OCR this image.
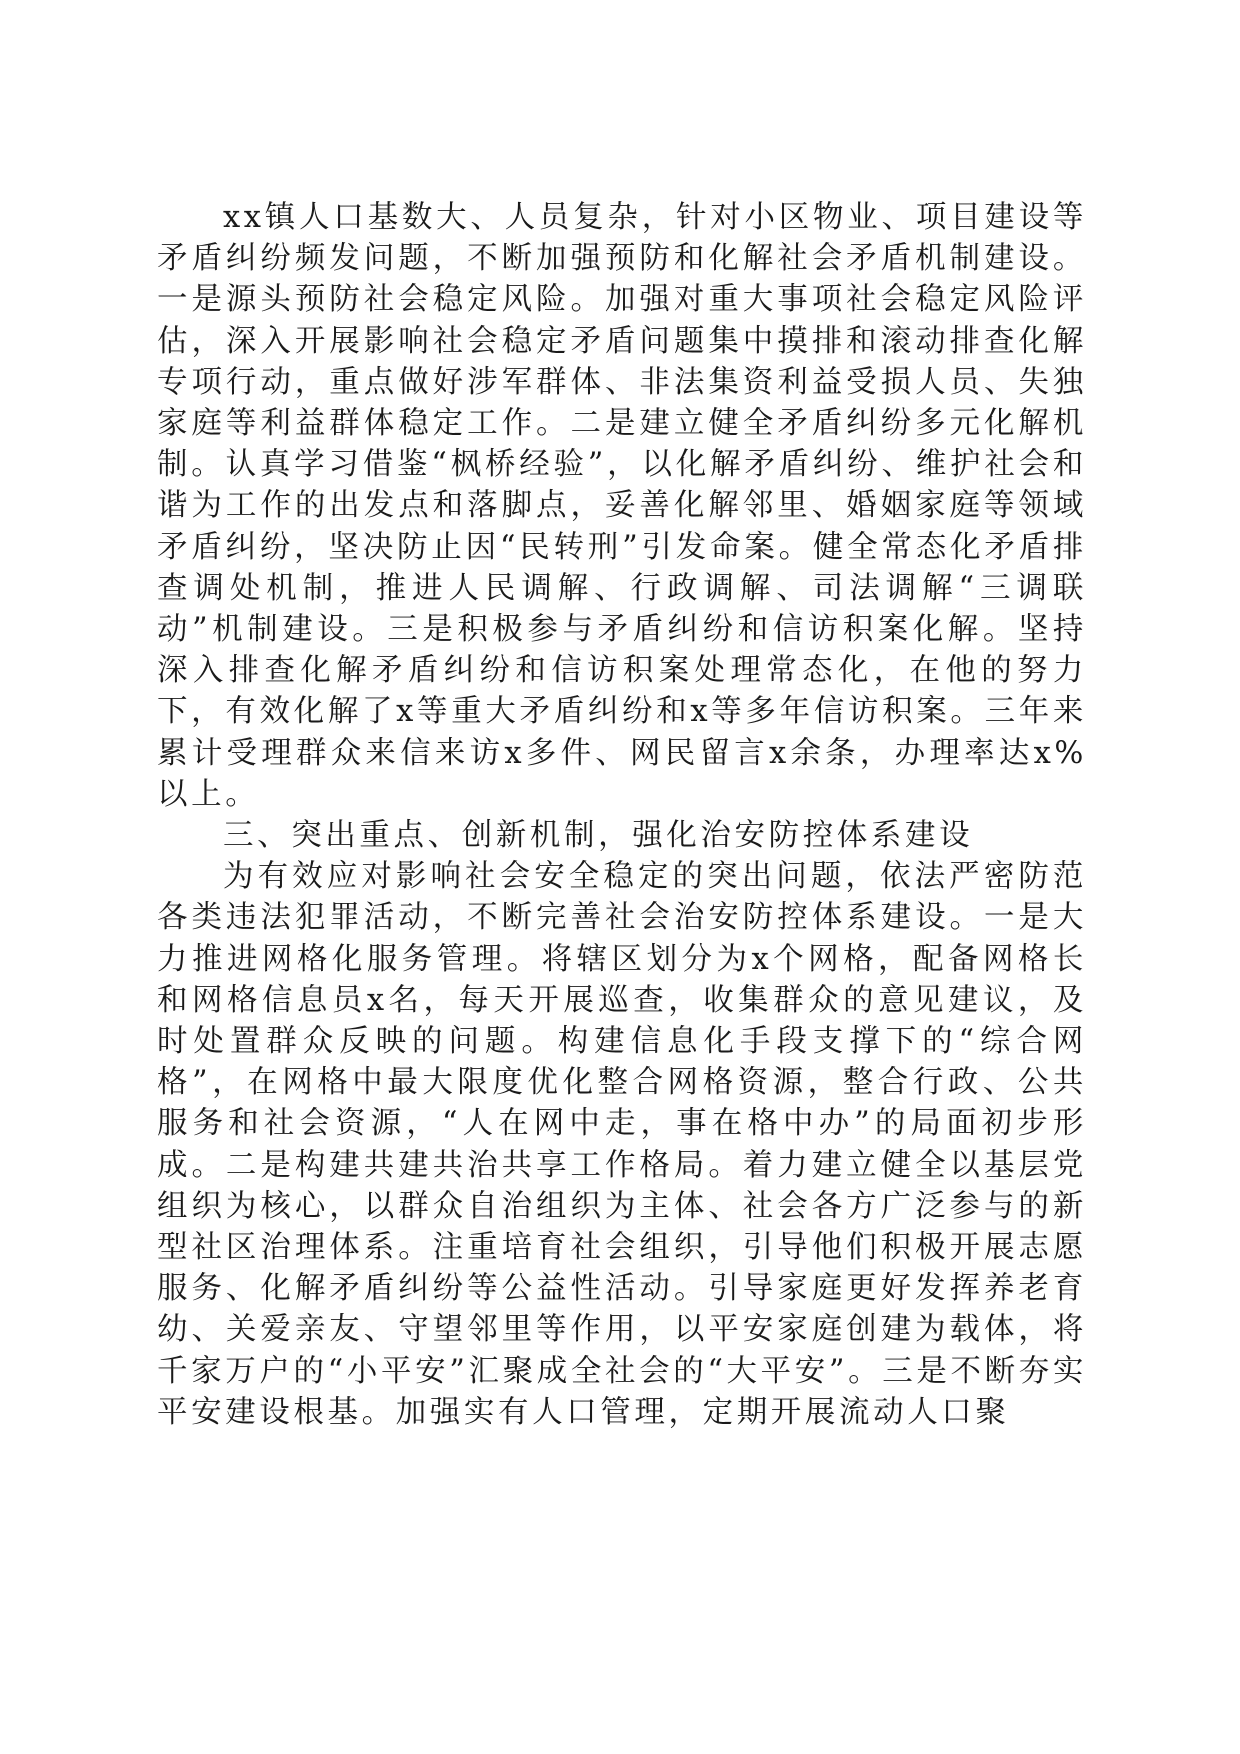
xx镇人口基数大、人员复杂，针对小区物业、项目建设等矛盾纠纷频发问题，不断加强预防和化解社会矛盾机制建设。一是源头预防社会稳定风险。加强对重大事项社会稳定风险评估，深入开展影响社会稳定矛盾问题集中摸排和滚动排查化解专项行动，重点做好涉军群体、非法集资利益受损人员、失独家庭等利益群体稳定工作。二是建立健全矛盾纠纷多元化解机制。认真学习借鉴“枫桥经验”，以化解矛盾纠纷、维护社会和谐为工作的出发点和落脚点，妥善化解邻里、婚姻家庭等领域矛盾纠纷，坚决防止因“民转刑”引发命案。健全常态化矛盾排查调处机制，推进人民调解、行政调解、司法调解“三调联动”机制建设。三是积极参与矛盾纠纷和信访积案化解。坚持深入排查化解矛盾纠纷和信访积案处理常态化，在他的努力下，有效化解了x等重大矛盾纠纷和x等多年信访积案。三年来累计受理群众来信来访x多件、网民留言x余条，办理率达x%以上。

三、突出重点、创新机制，强化治安防控体系建设

为有效应对影响社会安全稳定的突出问题，依法严密防范各类违法犯罪活动，不断完善社会治安防控体系建设。一是大力推进网格化服务管理。将辖区划分为x个网格，配备网格长和网格信息员x名，每天开展巡查，收集群众的意见建议，及时处置群众反映的问题。构建信息化手段支撑下的“综合网格”，在网格中最大限度优化整合网格资源，整合行政、公共服务和社会资源，“人在网中走，事在格中办”的局面初步形成。二是构建共建共治共享工作格局。着力建立健全以基层党组织为核心，以群众自治组织为主体、社会各方广泛参与的新型社区治理体系。注重培育社会组织，引导他们积极开展志愿服务、化解矛盾纠纷等公益性活动。引导家庭更好发挥养老育幼、关爱亲友、守望邻里等作用，以平安家庭创建为载体，将千家万户的“小平安”汇聚成全社会的“大平安”。三是不断夯实平安建设根基。加强实有人口管理，定期开展流动人口聚
